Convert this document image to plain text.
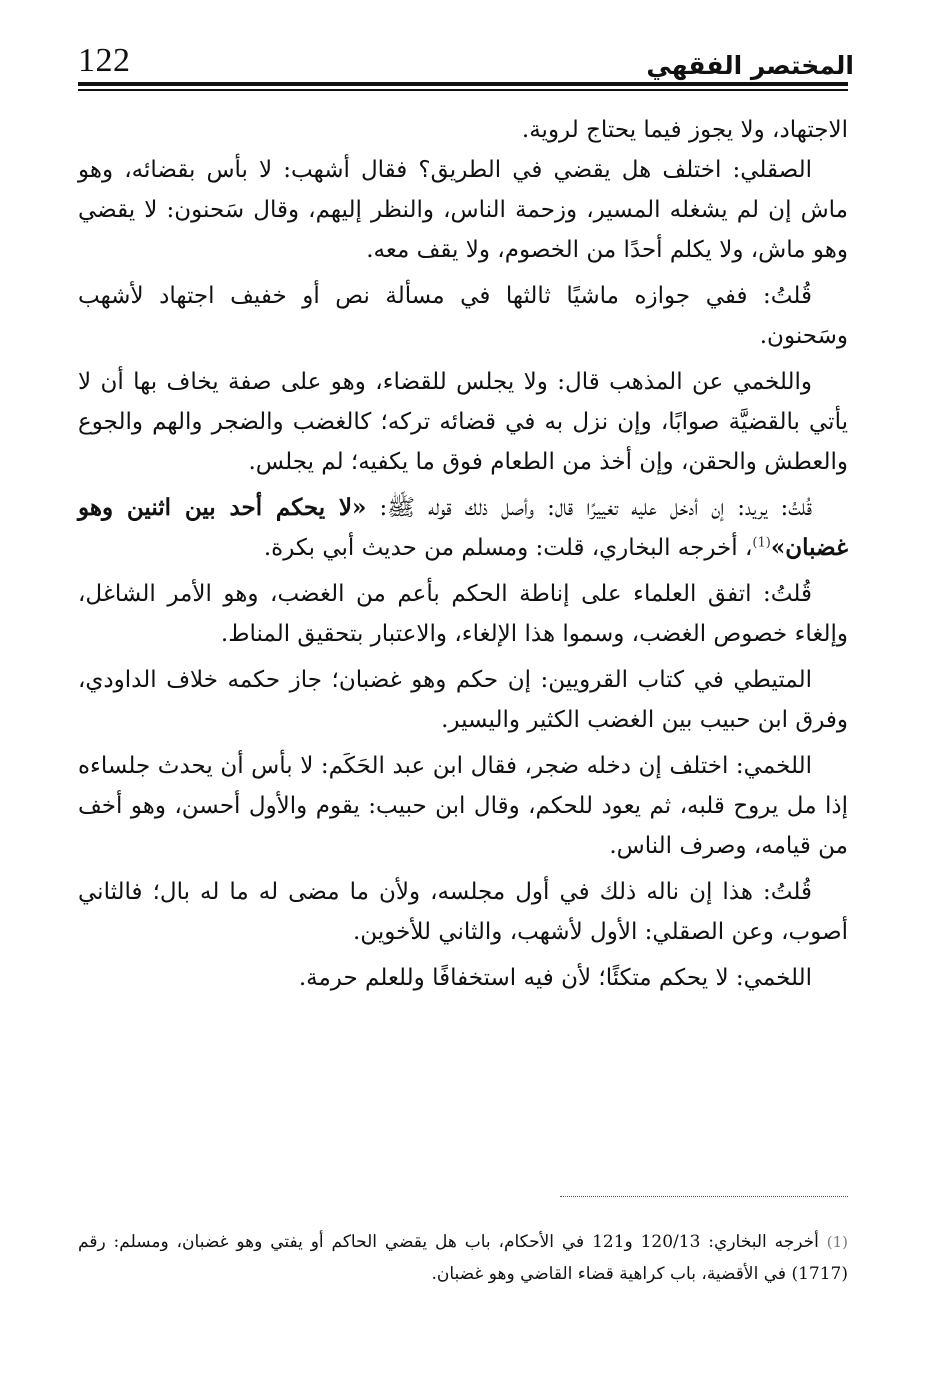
122	المختصر الفقهي

الاجتهاد، ولا يجوز فيما يحتاج لروية.

الصقلي: اختلف هل يقضي في الطريق؟ فقال أشهب: لا بأس بقضائه، وهو ماش إن لم يشغله المسير، وزحمة الناس، والنظر إليهم، وقال سَحنون: لا يقضي وهو ماش، ولا يكلم أحدًا من الخصوم، ولا يقف معه.

قُلتُ: ففي جوازه ماشيًا ثالثها في مسألة نص أو خفيف اجتهاد لأشهب وسَحنون.

واللخمي عن المذهب قال: ولا يجلس للقضاء، وهو على صفة يخاف بها أن لا يأتي بالقضيَّة صوابًا، وإن نزل به في قضائه تركه؛ كالغضب والضجر والهم والجوع والعطش والحقن، وإن أخذ من الطعام فوق ما يكفيه؛ لم يجلس.

قُلتُ: يريد: إن أدخل عليه تغييرًا قال: وأصل ذلك قوله ﷺ: «لا يحكم أحد بين اثنين وهو غضبان»$^{(1)}$، أخرجه البخاري، قلت: ومسلم من حديث أبي بكرة.

قُلتُ: اتفق العلماء على إناطة الحكم بأعم من الغضب، وهو الأمر الشاغل، وإلغاء خصوص الغضب، وسموا هذا الإلغاء، والاعتبار بتحقيق المناط.

المتيطي في كتاب القرويين: إن حكم وهو غضبان؛ جاز حكمه خلاف الداودي، وفرق ابن حبيب بين الغضب الكثير واليسير.

اللخمي: اختلف إن دخله ضجر، فقال ابن عبد الحَكَم: لا بأس أن يحدث جلساءه إذا مل يروح قلبه، ثم يعود للحكم، وقال ابن حبيب: يقوم والأول أحسن، وهو أخف من قيامه، وصرف الناس.

قُلتُ: هذا إن ناله ذلك في أول مجلسه، ولأن ما مضى له ما له بال؛ فالثاني أصوب، وعن الصقلي: الأول لأشهب، والثاني للأخوين.

اللخمي: لا يحكم متكئًا؛ لأن فيه استخفافًا وللعلم حرمة.

(1) أخرجه البخاري: 120/13 و121 في الأحكام، باب هل يقضي الحاكم أو يفتي وهو غضبان، ومسلم: رقم (1717) في الأقضية، باب كراهية قضاء القاضي وهو غضبان.
